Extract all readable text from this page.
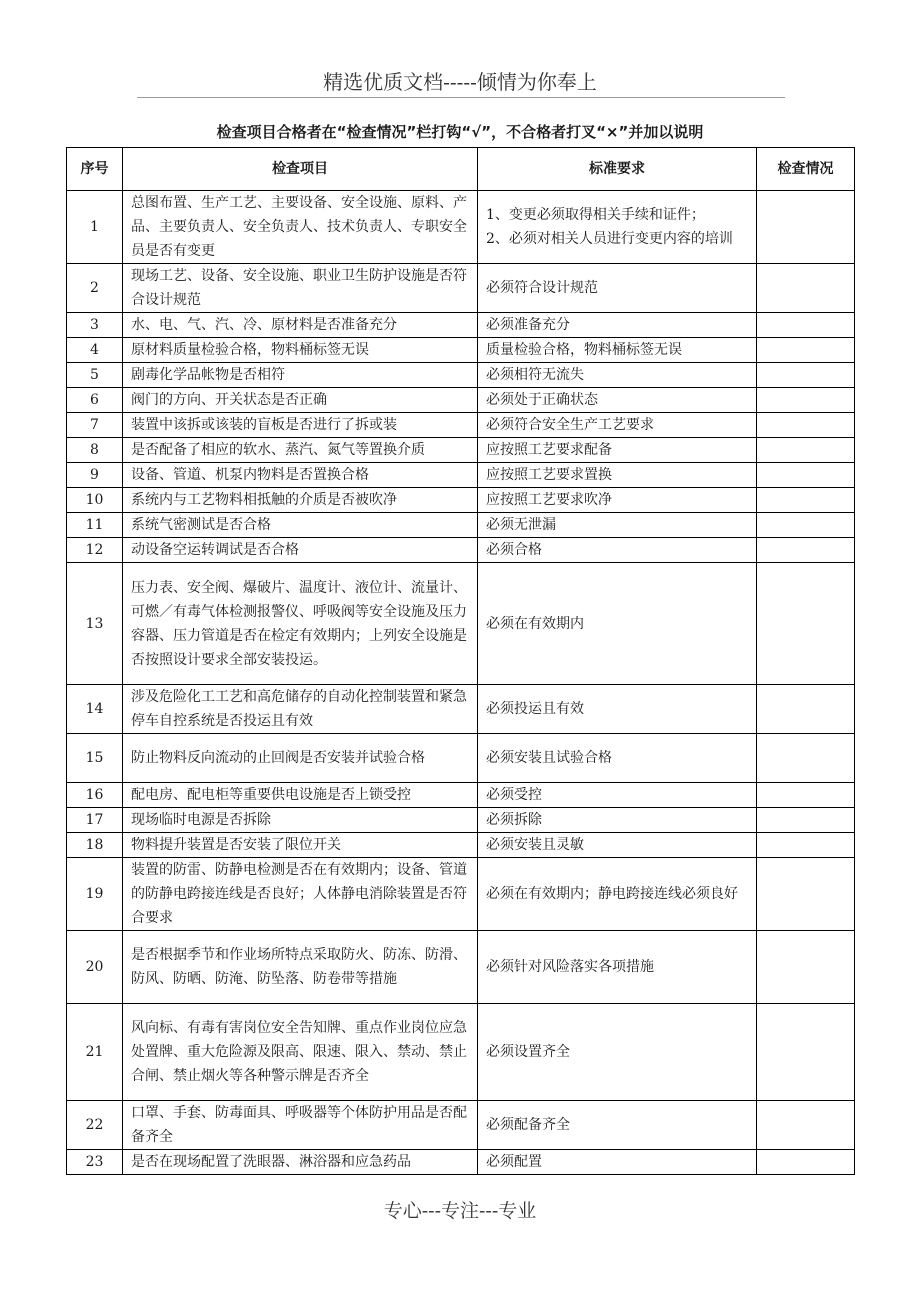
精选优质文档-----倾情为你奉上
检查项目合格者在“检查情况”栏打钩“√”，不合格者打叉“×”并加以说明
序号	检查项目	标准要求	检查情况

1	总图布置、生产工艺、主要设备、安全设施、原料、产品、主要负责人、安全负责人、技术负责人、专职安全员是否有变更	1、变更必须取得相关手续和证件；
2、必须对相关人员进行变更内容的培训	

2	现场工艺、设备、安全设施、职业卫生防护设施是否符合设计规范	必须符合设计规范	

3	水、电、气、汽、冷、原材料是否准备充分	必须准备充分	

4	原材料质量检验合格，物料桶标签无误	质量检验合格，物料桶标签无误	

5	剧毒化学品帐物是否相符	必须相符无流失	

6	阀门的方向、开关状态是否正确	必须处于正确状态	

7	装置中该拆或该装的盲板是否进行了拆或装	必须符合安全生产工艺要求	

8	是否配备了相应的软水、蒸汽、氮气等置换介质	应按照工艺要求配备	

9	设备、管道、机泵内物料是否置换合格	应按照工艺要求置换	

10	系统内与工艺物料相抵触的介质是否被吹净	应按照工艺要求吹净	

11	系统气密测试是否合格	必须无泄漏	

12	动设备空运转调试是否合格	必须合格	

13	压力表、安全阀、爆破片、温度计、液位计、流量计、可燃／有毒气体检测报警仪、呼吸阀等安全设施及压力容器、压力管道是否在检定有效期内；上列安全设施是否按照设计要求全部安装投运。	必须在有效期内	

14	涉及危险化工工艺和高危储存的自动化控制装置和紧急停车自控系统是否投运且有效	必须投运且有效	

15	防止物料反向流动的止回阀是否安装并试验合格	必须安装且试验合格	

16	配电房、配电柜等重要供电设施是否上锁受控	必须受控	

17	现场临时电源是否拆除	必须拆除	

18	物料提升装置是否安装了限位开关	必须安装且灵敏	

19	装置的防雷、防静电检测是否在有效期内；设备、管道的防静电跨接连线是否良好；人体静电消除装置是否符合要求	必须在有效期内；静电跨接连线必须良好	

20	是否根据季节和作业场所特点采取防火、防冻、防滑、防风、防晒、防淹、防坠落、防卷带等措施	必须针对风险落实各项措施	

21	风向标、有毒有害岗位安全告知牌、重点作业岗位应急处置牌、重大危险源及限高、限速、限入、禁动、禁止合闸、禁止烟火等各种警示牌是否齐全	必须设置齐全	

22	口罩、手套、防毒面具、呼吸器等个体防护用品是否配备齐全	必须配备齐全	

23	是否在现场配置了洗眼器、淋浴器和应急药品	必须配置	

专心---专注---专业
